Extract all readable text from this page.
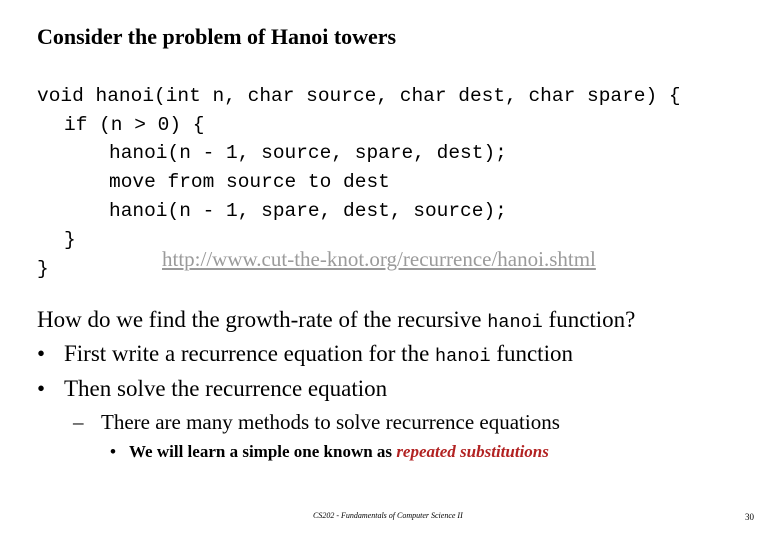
Consider the problem of Hanoi towers
void hanoi(int n, char source, char dest, char spare) {
if (n > 0) {
hanoi(n - 1, source, spare, dest);
move from source to dest
hanoi(n - 1, spare, dest, source);
}
}	http://www.cut-the-knot.org/recurrence/hanoi.shtml
How do we find the growth-rate of the recursive hanoi function?
• First write a recurrence equation for the hanoi function
• Then solve the recurrence equation
– There are many methods to solve recurrence equations
• We will learn a simple one known as repeated substitutions
CS202 - Fundamentals of Computer Science II	30
